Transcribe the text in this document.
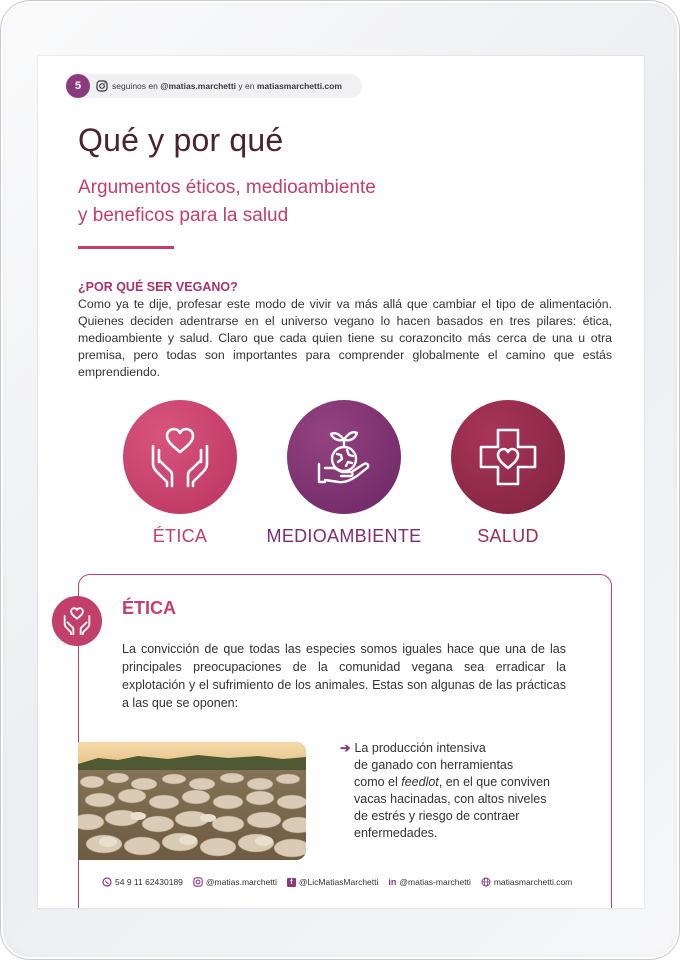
5	seguinos en @matias.marchetti y en matiasmarchetti.com
Qué y por qué
Argumentos éticos, medioambiente
y beneficos para la salud
¿POR QUÉ SER VEGANO?
Como ya te dije, profesar este modo de vivir va más allá que cambiar el tipo de alimentación. Quienes deciden adentrarse en el universo vegano lo hacen basados en tres pilares: ética, medioambiente y salud. Claro que cada quien tiene su corazoncito más cerca de una u otra premisa, pero todas son importantes para comprender globalmente el camino que estás emprendiendo.
ÉTICA	MEDIOAMBIENTE	SALUD
ÉTICA
La convicción de que todas las especies somos iguales hace que una de las principales preocupaciones de la comunidad vegana sea erradicar la explotación y el sufrimiento de los animales. Estas son algunas de las prácticas a las que se oponen:
➔ La producción intensiva
de ganado con herramientas
como el feedlot, en el que conviven
vacas hacinadas, con altos niveles
de estrés y riesgo de contraer
enfermedades.
54 9 11 62430189	@matias.marchetti	f @LicMatiasMarchetti in @matias-marchetti	matiasmarchetti.com
